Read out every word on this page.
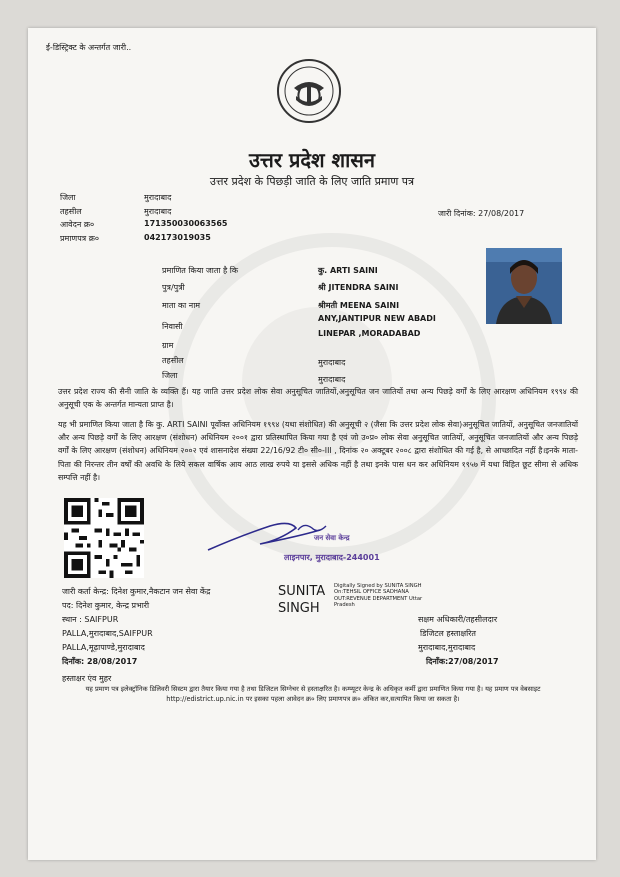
ई-डिस्ट्रिक्ट के अन्तर्गत जारी..
उत्तर प्रदेश शासन
उत्तर प्रदेश के पिछड़ी जाति के लिए जाति प्रमाण पत्र
जिला	मुरादाबाद
तहसील	मुरादाबाद
आवेदन क्र०	171350030063565
प्रमाणपत्र क्र०	042173019035
जारी दिनांक: 27/08/2017
प्रमाणित किया जाता है कि	कु. ARTI SAINI
पुत्र/पुत्री	श्री JITENDRA SAINI
माता का नाम	श्रीमती MEENA SAINI
निवासी
ANY,JANTIPUR NEW ABADI
LINEPAR ,MORADABAD
ग्राम
तहसील	मुरादाबाद
जिला	मुरादाबाद
उत्तर प्रदेश राज्य की सैनी जाति के व्यक्ति हैं। यह जाति उत्तर प्रदेश लोक सेवा अनुसूचित जातियों,अनुसूचित जन जातियों तथा अन्य पिछड़े वर्गों के लिए आरक्षण अधिनियम १९९४ की अनुसूची एक के अन्तर्गत मान्यता प्राप्त है।
यह भी प्रमाणित किया जाता है कि कु. ARTI SAINI पूर्वोक्त अधिनियम १९९४ (यथा संशोधित) की अनुसूची २ (जैसा कि उत्तर प्रदेश लोक सेवा)अनुसूचित जातियों, अनुसूचित जनजातियों और अन्य पिछड़े वर्गों के लिए आरक्षण (संशोधन) अधिनियम २००१ द्वारा प्रतिस्थापित किया गया है एवं जो उ०प्र० लोक सेवा अनुसूचित जातियों, अनुसूचित जनजातियों और अन्य पिछड़े वर्गों के लिए आरक्षण (संशोधन) अधिनियम २००२ एवं शासनादेश संख्या 22/16/92 टी० सी०-III , दिनांक २० अक्टूबर २००८ द्वारा संशोधित की गई है, से आच्छादित नहीं है।इनके माता-पिता की निरन्तर तीन वर्षों की अवधि के लिये सकल वार्षिक आय आठ लाख रुपये या इससे अधिक नहीं है तथा इनके पास धन कर अधिनियम १९५७ में यथा विहित छूट सीमा से अधिक सम्पत्ति नहीं है।
जन सेवा केन्द्र
लाइनपार, मुरादाबाद-244001
जारी कर्ता केन्द्र: दिनेश कुमार,नैकटान जन सेवा केंद्र
पद: दिनेश कुमार, केन्द्र प्रभारी
स्थान : SAIFPUR
PALLA,मुरादाबाद,SAIFPUR
PALLA,मूढ़ापाण्डे,मुरादाबाद
दिनाँक: 28/08/2017
हस्ताक्षर एंव मुहर
SUNITA
SINGH
Digitally Signed by SUNITA SINGH On:TEHSIL OFFICE SADHANA OUT:REVENUE DEPARTMENT Uttar Pradesh
सक्षम अधिकारी/तहसीलदार
डिजिटल हस्ताक्षरित
मुरादाबाद,मुरादाबाद
दिनाँक:27/08/2017
यह प्रमाण पत्र इलेक्ट्रॉनिक डिलिवरी सिस्टम द्वारा तैयार किया गया है तथा डिजिटल सिग्नेचर से हस्ताक्षरित है। कम्प्यूटर केन्द्र के अधिकृत कर्मी द्वारा प्रमाणित किया गया है। यह प्रमाण पत्र वेबसाइट http://edistrict.up.nic.in पर इसका पहला आवेदन क्र० लिए प्रमाणपत्र क्र० अंकित कर,सत्यापित किया जा सकता है।
